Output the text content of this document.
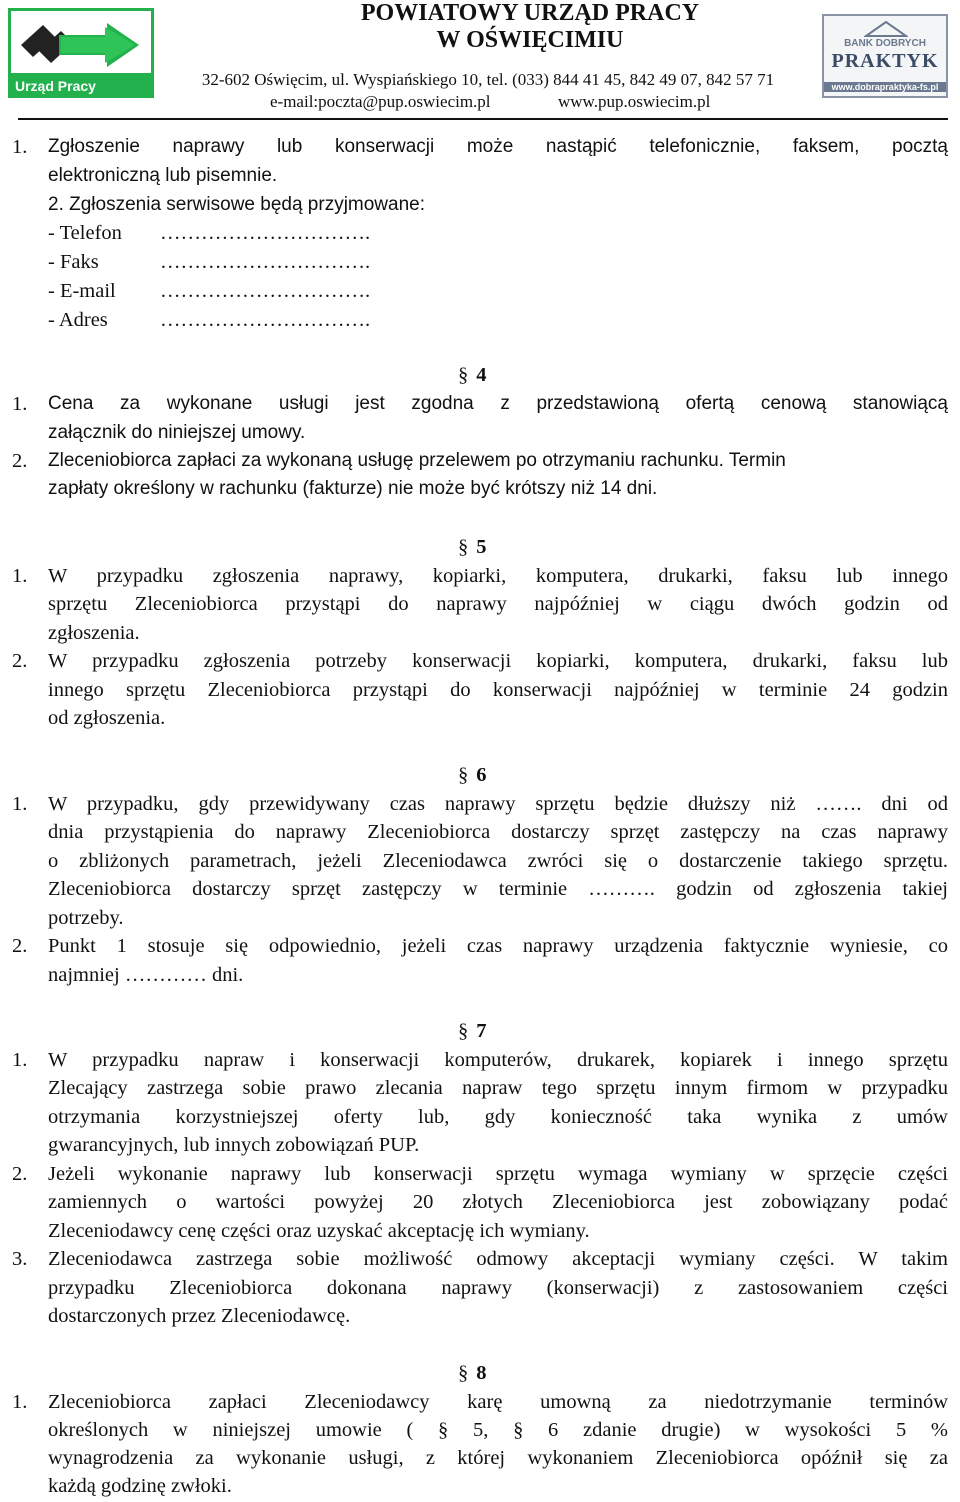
Urząd Pracy
POWIATOWY URZĄD PRACY
W OŚWIĘCIMIU
32-602 Oświęcim, ul. Wyspiańskiego 10, tel. (033) 844 41 45, 842 49 07, 842 57 71
e-mail:poczta@pup.oswiecim.pl	www.pup.oswiecim.pl
BANK DOBRYCH
PRAKTYK
www.dobrapraktyka-fs.pl
1. Zgłoszenie naprawy lub konserwacji może nastąpić telefonicznie, faksem, pocztą
elektroniczną lub pisemnie.
2. Zgłoszenia serwisowe będą przyjmowane:
- Telefon ………………………….
- Faks	………………………….
- E-mail ………………………….
- Adres	………………………….
§ 4
1. Cena za wykonane usługi jest zgodna z przedstawioną ofertą cenową stanowiącą
załącznik do niniejszej umowy.
2. Zleceniobiorca zapłaci za wykonaną usługę przelewem po otrzymaniu rachunku. Termin
zapłaty określony w rachunku (fakturze) nie może być krótszy niż 14 dni.
§ 5
1. W przypadku zgłoszenia naprawy, kopiarki, komputera, drukarki, faksu lub innego
sprzętu Zleceniobiorca przystąpi do naprawy najpóźniej w ciągu dwóch godzin od
zgłoszenia.
2. W przypadku zgłoszenia potrzeby konserwacji kopiarki, komputera, drukarki, faksu lub
innego sprzętu Zleceniobiorca przystąpi do konserwacji najpóźniej w terminie 24 godzin
od zgłoszenia.
§ 6
1. W przypadku, gdy przewidywany czas naprawy sprzętu będzie dłuższy niż ……. dni od
dnia przystąpienia do naprawy Zleceniobiorca dostarczy sprzęt zastępczy na czas naprawy
o zbliżonych parametrach, jeżeli Zleceniodawca zwróci się o dostarczenie takiego sprzętu.
Zleceniobiorca dostarczy sprzęt zastępczy w terminie ………. godzin od zgłoszenia takiej
potrzeby.
2. Punkt 1 stosuje się odpowiednio, jeżeli czas naprawy urządzenia faktycznie wyniesie, co
najmniej ………… dni.
§ 7
1. W przypadku napraw i konserwacji komputerów, drukarek, kopiarek i innego sprzętu
Zlecający zastrzega sobie prawo zlecania napraw tego sprzętu innym firmom w przypadku
otrzymania korzystniejszej oferty lub, gdy konieczność taka wynika z umów
gwarancyjnych, lub innych zobowiązań PUP.
2. Jeżeli wykonanie naprawy lub konserwacji sprzętu wymaga wymiany w sprzęcie części
zamiennych o wartości powyżej 20 złotych Zleceniobiorca jest zobowiązany podać
Zleceniodawcy cenę części oraz uzyskać akceptację ich wymiany.
3. Zleceniodawca zastrzega sobie możliwość odmowy akceptacji wymiany części. W takim
przypadku Zleceniobiorca dokonana naprawy (konserwacji) z zastosowaniem części
dostarczonych przez Zleceniodawcę.
§ 8
1. Zleceniobiorca zapłaci Zleceniodawcy karę umowną za niedotrzymanie terminów
określonych w niniejszej umowie ( § 5, § 6 zdanie drugie) w wysokości 5 %
wynagrodzenia za wykonanie usługi, z której wykonaniem Zleceniobiorca opóźnił się za
każdą godzinę zwłoki.
